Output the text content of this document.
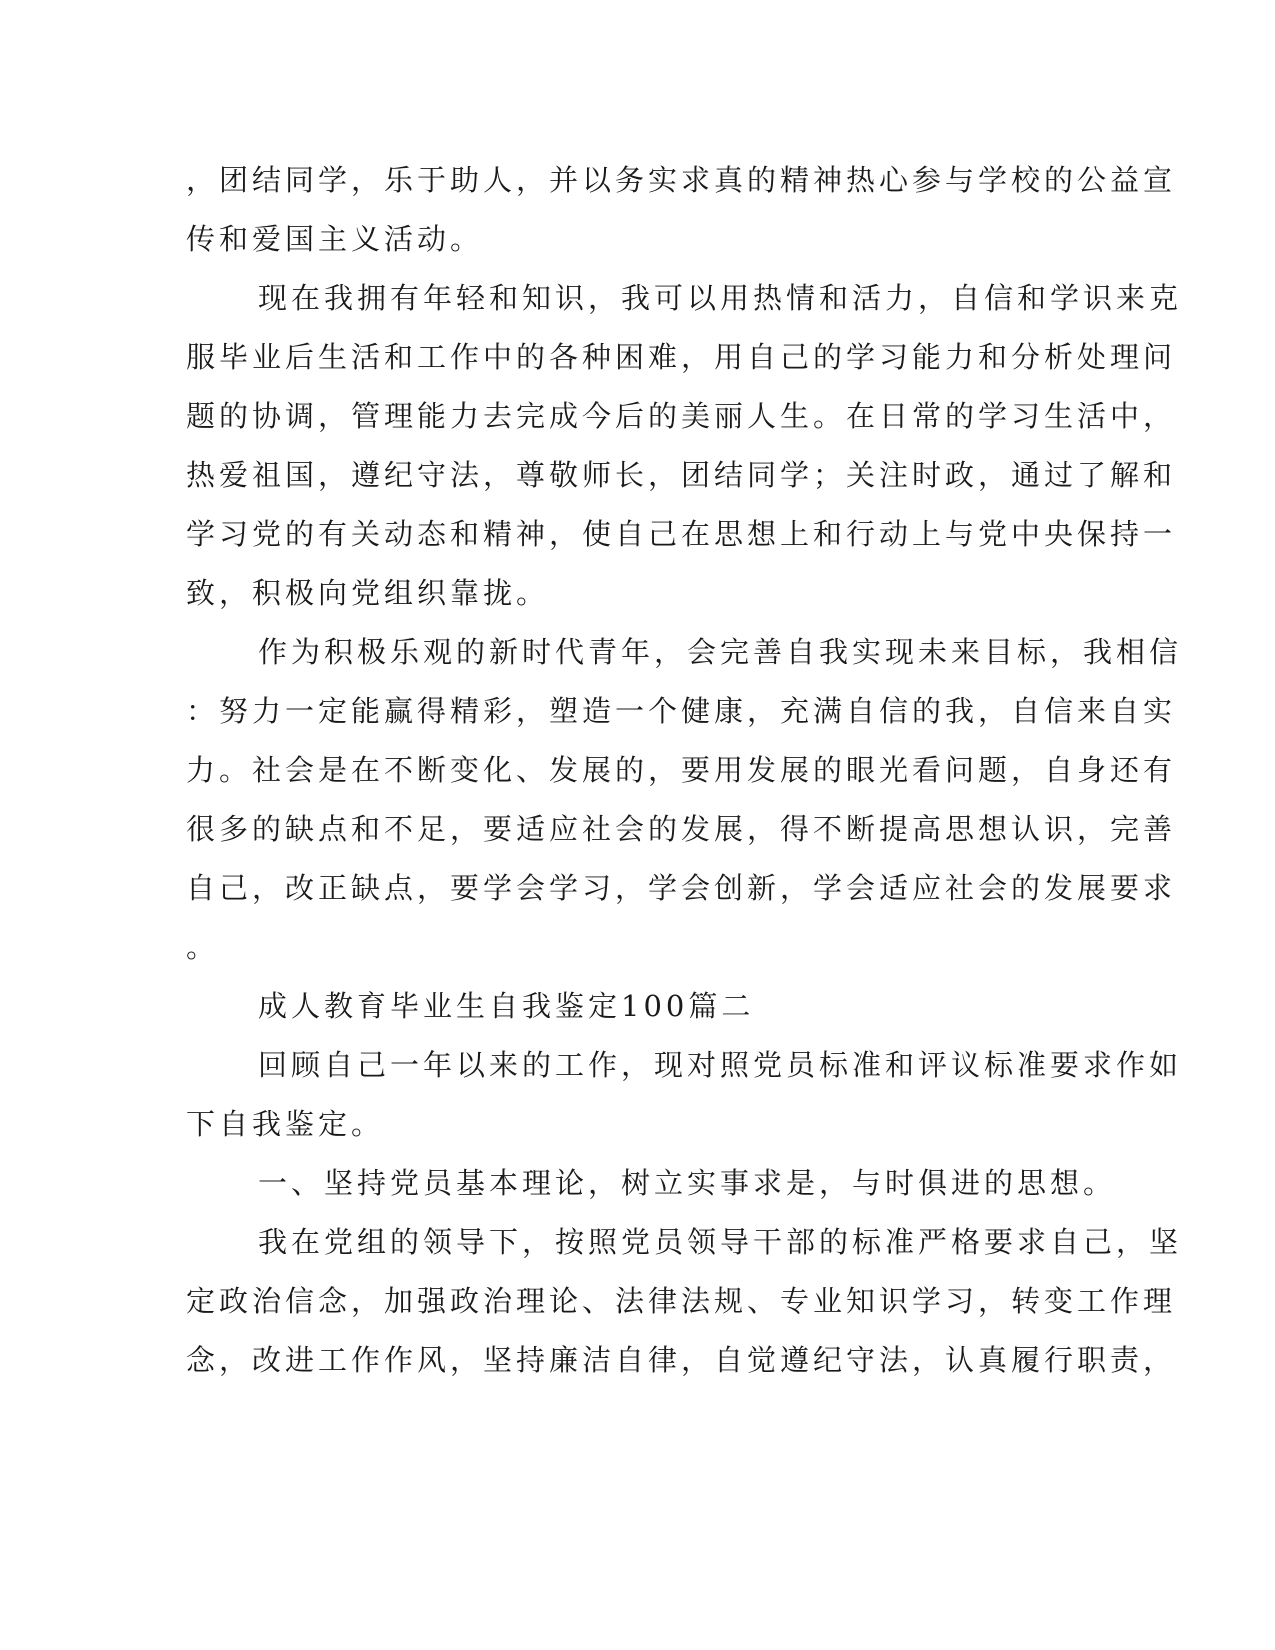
，团结同学，乐于助人，并以务实求真的精神热心参与学校的公益宣
传和爱国主义活动。
现在我拥有年轻和知识，我可以用热情和活力，自信和学识来克
服毕业后生活和工作中的各种困难，用自己的学习能力和分析处理问
题的协调，管理能力去完成今后的美丽人生。在日常的学习生活中，
热爱祖国，遵纪守法，尊敬师长，团结同学；关注时政，通过了解和
学习党的有关动态和精神，使自己在思想上和行动上与党中央保持一
致，积极向党组织靠拢。
作为积极乐观的新时代青年，会完善自我实现未来目标，我相信
：努力一定能赢得精彩，塑造一个健康，充满自信的我，自信来自实
力。社会是在不断变化、发展的，要用发展的眼光看问题，自身还有
很多的缺点和不足，要适应社会的发展，得不断提高思想认识，完善
自己，改正缺点，要学会学习，学会创新，学会适应社会的发展要求
。
成人教育毕业生自我鉴定100篇二
回顾自己一年以来的工作，现对照党员标准和评议标准要求作如
下自我鉴定。
一、坚持党员基本理论，树立实事求是，与时俱进的思想。
我在党组的领导下，按照党员领导干部的标准严格要求自己，坚
定政治信念，加强政治理论、法律法规、专业知识学习，转变工作理
念，改进工作作风，坚持廉洁自律，自觉遵纪守法，认真履行职责，
